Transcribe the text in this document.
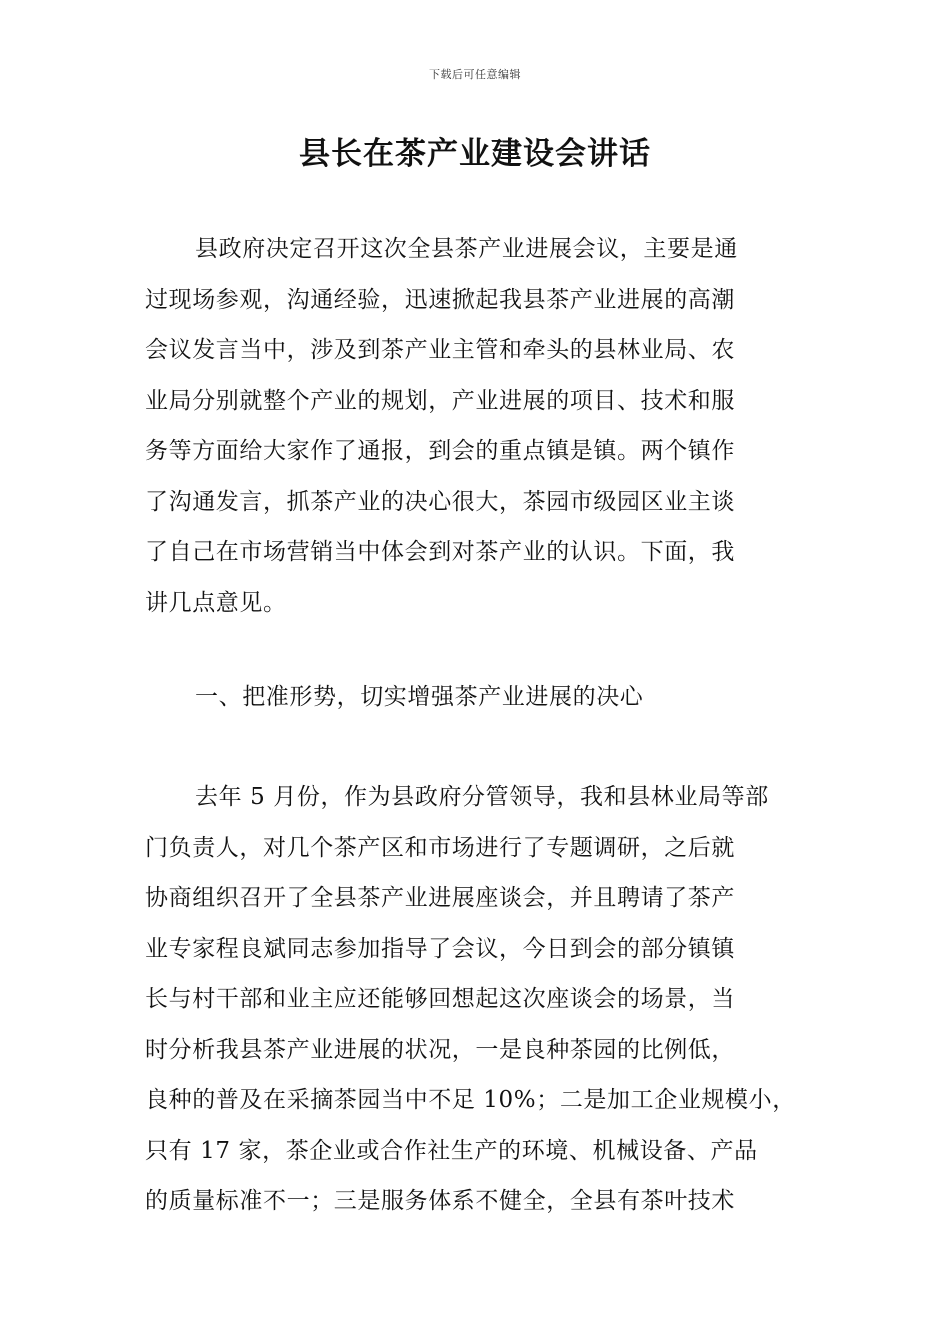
下载后可任意编辑
县长在茶产业建设会讲话
县政府决定召开这次全县茶产业进展会议，主要是通
过现场参观，沟通经验，迅速掀起我县茶产业进展的高潮
会议发言当中，涉及到茶产业主管和牵头的县林业局、农
业局分别就整个产业的规划，产业进展的项目、技术和服
务等方面给大家作了通报，到会的重点镇是镇。两个镇作
了沟通发言，抓茶产业的决心很大，茶园市级园区业主谈
了自己在市场营销当中体会到对茶产业的认识。下面，我
讲几点意见。
一、把准形势，切实增强茶产业进展的决心
去年 5 月份，作为县政府分管领导，我和县林业局等部
门负责人，对几个茶产区和市场进行了专题调研，之后就
协商组织召开了全县茶产业进展座谈会，并且聘请了茶产
业专家程良斌同志参加指导了会议，今日到会的部分镇镇
长与村干部和业主应还能够回想起这次座谈会的场景，当
时分析我县茶产业进展的状况，一是良种茶园的比例低，
良种的普及在采摘茶园当中不足 10%；二是加工企业规模小，
只有 17 家，茶企业或合作社生产的环境、机械设备、产品
的质量标准不一；三是服务体系不健全，全县有茶叶技术
